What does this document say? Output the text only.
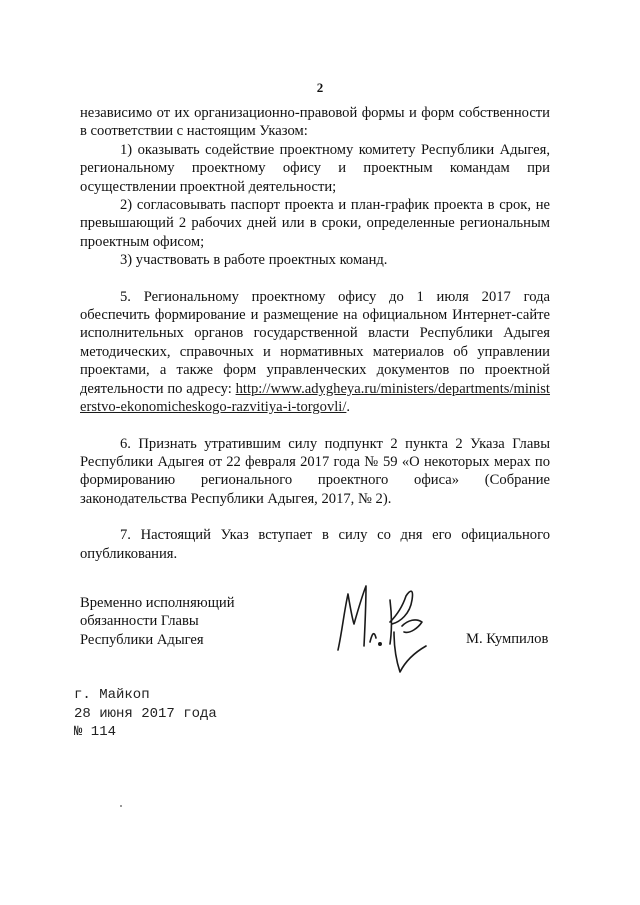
2

независимо от их организационно-правовой формы и форм собственности в соответствии с настоящим Указом:

1) оказывать содействие проектному комитету Республики Адыгея, региональному проектному офису и проектным командам при осуществлении проектной деятельности;

2) согласовывать паспорт проекта и план-график проекта в срок, не превышающий 2 рабочих дней или в сроки, определенные региональным проектным офисом;

3) участвовать в работе проектных команд.

5. Региональному проектному офису до 1 июля 2017 года обеспечить формирование и размещение на официальном Интернет-сайте исполнительных органов государственной власти Республики Адыгея методических, справочных и нормативных материалов об управлении проектами, а также форм управленческих документов по проектной деятельности по адресу: http://www.adygheya.ru/ministers/departments/ministerstvo-ekonomicheskogo-razvitiya-i-torgovli/.

6. Признать утратившим силу подпункт 2 пункта 2 Указа Главы Республики Адыгея от 22 февраля 2017 года № 59 «О некоторых мерах по формированию регионального проектного офиса» (Собрание законодательства Республики Адыгея, 2017, № 2).

7. Настоящий Указ вступает в силу со дня его официального опубликования.

Временно исполняющий
обязанности Главы
Республики Адыгея	М. Кумпилов
г. Майкоп
28 июня 2017 года
№ 114
